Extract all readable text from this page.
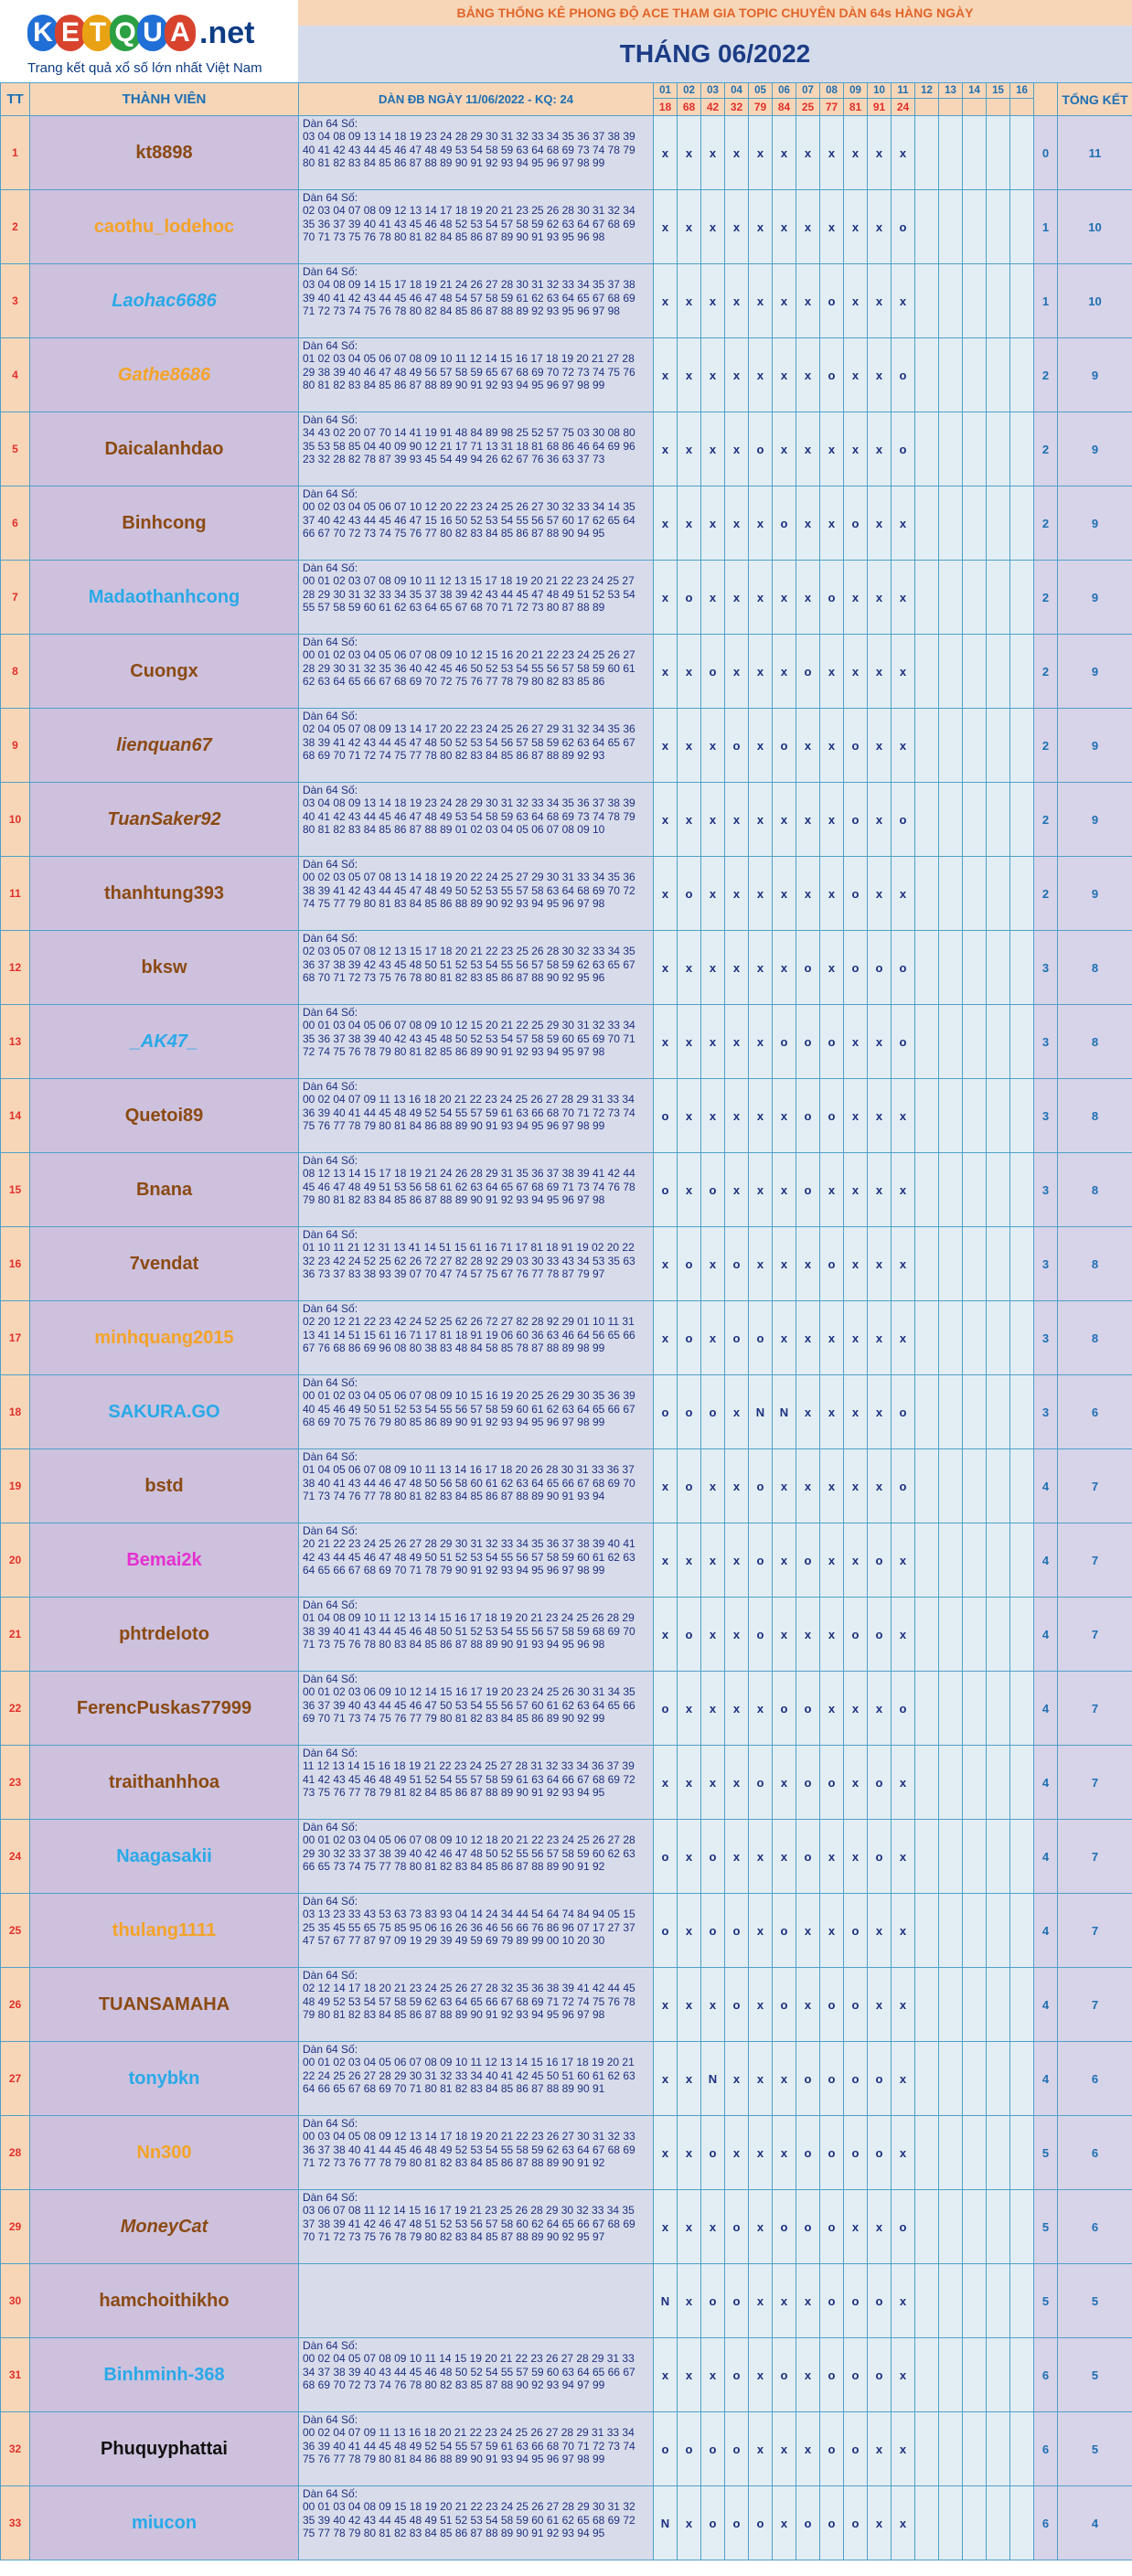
K E T Q U A .net
Trang kết quả xổ số lớn nhất Việt Nam
BẢNG THỐNG KÊ PHONG ĐỘ ACE THAM GIA TOPIC CHUYÊN DÀN 64s HÀNG NGÀY
THÁNG 06/2022
TT	THÀNH VIÊN	DÀN ĐB NGÀY 11/06/2022 - KQ: 24	01	02	03	04	05	06	07	08	09	10	11	12	13	14	15	16		TỔNG KẾT
			18	68	42	32	79	84	25	77	81	91	24							
1	kt8898	Dàn 64 Số:
03 04 08 09 13 14 18 19 23 24 28 29 30 31 32 33 34 35 36 37 38 39 40 41 42 43 44 45 46 47 48 49 53 54 58 59 63 64 68 69 73 74 78 79 80 81 82 83 84 85 86 87 88 89 90 91 92 93 94 95 96 97 98 99	x	x	x	x	x	x	x	x	x	x	x						0	11
2	caothu_lodehoc	Dàn 64 Số:
02 03 04 07 08 09 12 13 14 17 18 19 20 21 23 25 26 28 30 31 32 34 35 36 37 39 40 41 43 45 46 48 52 53 54 57 58 59 62 63 64 67 68 69 70 71 73 75 76 78 80 81 82 84 85 86 87 89 90 91 93 95 96 98	x	x	x	x	x	x	x	x	x	x	o						1	10
3	Laohac6686	Dàn 64 Số:
03 04 08 09 14 15 17 18 19 21 24 26 27 28 30 31 32 33 34 35 37 38 39 40 41 42 43 44 45 46 47 48 54 57 58 59 61 62 63 64 65 67 68 69 71 72 73 74 75 76 78 80 82 84 85 86 87 88 89 92 93 95 96 97 98	x	x	x	x	x	x	x	o	x	x	x						1	10
4	Gathe8686	Dàn 64 Số:
01 02 03 04 05 06 07 08 09 10 11 12 14 15 16 17 18 19 20 21 27 28 29 38 39 40 46 47 48 49 56 57 58 59 65 67 68 69 70 72 73 74 75 76 80 81 82 83 84 85 86 87 88 89 90 91 92 93 94 95 96 97 98 99	x	x	x	x	x	x	x	o	x	x	o						2	9
5	Daicalanhdao	Dàn 64 Số:
34 43 02 20 07 70 14 41 19 91 48 84 89 98 25 52 57 75 03 30 08 80 35 53 58 85 04 40 09 90 12 21 17 71 13 31 18 81 68 86 46 64 69 96 23 32 28 82 78 87 39 93 45 54 49 94 26 62 67 76 36 63 37 73	x	x	x	x	o	x	x	x	x	x	o						2	9
6	Binhcong	Dàn 64 Số:
00 02 03 04 05 06 07 10 12 20 22 23 24 25 26 27 30 32 33 34 14 35 37 40 42 43 44 45 46 47 15 16 50 52 53 54 55 56 57 60 17 62 65 64 66 67 70 72 73 74 75 76 77 80 82 83 84 85 86 87 88 90 94 95	x	x	x	x	x	o	x	x	o	x	x						2	9
7	Madaothanhcong	Dàn 64 Số:
00 01 02 03 07 08 09 10 11 12 13 15 17 18 19 20 21 22 23 24 25 27 28 29 30 31 32 33 34 35 37 38 39 42 43 44 45 47 48 49 51 52 53 54 55 57 58 59 60 61 62 63 64 65 67 68 70 71 72 73 80 87 88 89	x	o	x	x	x	x	x	o	x	x	x						2	9
8	Cuongx	Dàn 64 Số:
00 01 02 03 04 05 06 07 08 09 10 12 15 16 20 21 22 23 24 25 26 27 28 29 30 31 32 35 36 40 42 45 46 50 52 53 54 55 56 57 58 59 60 61 62 63 64 65 66 67 68 69 70 72 75 76 77 78 79 80 82 83 85 86	x	x	o	x	x	x	o	x	x	x	x						2	9
9	lienquan67	Dàn 64 Số:
02 04 05 07 08 09 13 14 17 20 22 23 24 25 26 27 29 31 32 34 35 36 38 39 41 42 43 44 45 47 48 50 52 53 54 56 57 58 59 62 63 64 65 67 68 69 70 71 72 74 75 77 78 80 82 83 84 85 86 87 88 89 92 93	x	x	x	o	x	o	x	x	o	x	x						2	9
10	TuanSaker92	Dàn 64 Số:
03 04 08 09 13 14 18 19 23 24 28 29 30 31 32 33 34 35 36 37 38 39 40 41 42 43 44 45 46 47 48 49 53 54 58 59 63 64 68 69 73 74 78 79 80 81 82 83 84 85 86 87 88 89 01 02 03 04 05 06 07 08 09 10	x	x	x	x	x	x	x	x	o	x	o						2	9
11	thanhtung393	Dàn 64 Số:
00 02 03 05 07 08 13 14 18 19 20 22 24 25 27 29 30 31 33 34 35 36 38 39 41 42 43 44 45 47 48 49 50 52 53 55 57 58 63 64 68 69 70 72 74 75 77 79 80 81 83 84 85 86 88 89 90 92 93 94 95 96 97 98	x	o	x	x	x	x	x	x	o	x	x						2	9
12	bksw	Dàn 64 Số:
02 03 05 07 08 12 13 15 17 18 20 21 22 23 25 26 28 30 32 33 34 35 36 37 38 39 42 43 45 48 50 51 52 53 54 55 56 57 58 59 62 63 65 67 68 70 71 72 73 75 76 78 80 81 82 83 85 86 87 88 90 92 95 96	x	x	x	x	x	x	o	x	o	o	o						3	8
13	_AK47_	Dàn 64 Số:
00 01 03 04 05 06 07 08 09 10 12 15 20 21 22 25 29 30 31 32 33 34 35 36 37 38 39 40 42 43 45 48 50 52 53 54 57 58 59 60 65 69 70 71 72 74 75 76 78 79 80 81 82 85 86 89 90 91 92 93 94 95 97 98	x	x	x	x	x	o	o	o	x	x	o						3	8
14	Quetoi89	Dàn 64 Số:
00 02 04 07 09 11 13 16 18 20 21 22 23 24 25 26 27 28 29 31 33 34 36 39 40 41 44 45 48 49 52 54 55 57 59 61 63 66 68 70 71 72 73 74 75 76 77 78 79 80 81 84 86 88 89 90 91 93 94 95 96 97 98 99	o	x	x	x	x	x	o	o	x	x	x						3	8
15	Bnana	Dàn 64 Số:
08 12 13 14 15 17 18 19 21 24 26 28 29 31 35 36 37 38 39 41 42 44 45 46 47 48 49 51 53 56 58 61 62 63 64 65 67 68 69 71 73 74 76 78 79 80 81 82 83 84 85 86 87 88 89 90 91 92 93 94 95 96 97 98	o	x	o	x	x	x	o	x	x	x	x						3	8
16	7vendat	Dàn 64 Số:
01 10 11 21 12 31 13 41 14 51 15 61 16 71 17 81 18 91 19 02 20 22 32 23 42 24 52 25 62 26 72 27 82 28 92 29 03 30 33 43 34 53 35 63 36 73 37 83 38 93 39 07 70 47 74 57 75 67 76 77 78 87 79 97	x	o	x	o	x	x	x	o	x	x	x						3	8
17	minhquang2015	Dàn 64 Số:
02 20 12 21 22 23 42 24 52 25 62 26 72 27 82 28 92 29 01 10 11 31 13 41 14 51 15 61 16 71 17 81 18 91 19 06 60 36 63 46 64 56 65 66 67 76 68 86 69 96 08 80 38 83 48 84 58 85 78 87 88 89 98 99	x	o	x	o	o	x	x	x	x	x	x						3	8
18	SAKURA.GO	Dàn 64 Số:
00 01 02 03 04 05 06 07 08 09 10 15 16 19 20 25 26 29 30 35 36 39 40 45 46 49 50 51 52 53 54 55 56 57 58 59 60 61 62 63 64 65 66 67 68 69 70 75 76 79 80 85 86 89 90 91 92 93 94 95 96 97 98 99	o	o	o	x	N	N	x	x	x	x	o						3	6
19	bstd	Dàn 64 Số:
01 04 05 06 07 08 09 10 11 13 14 16 17 18 20 26 28 30 31 33 36 37 38 40 41 43 44 46 47 48 50 56 58 60 61 62 63 64 65 66 67 68 69 70 71 73 74 76 77 78 80 81 82 83 84 85 86 87 88 89 90 91 93 94	x	o	x	x	o	x	x	x	x	x	o						4	7
20	Bemai2k	Dàn 64 Số:
20 21 22 23 24 25 26 27 28 29 30 31 32 33 34 35 36 37 38 39 40 41 42 43 44 45 46 47 48 49 50 51 52 53 54 55 56 57 58 59 60 61 62 63 64 65 66 67 68 69 70 71 78 79 90 91 92 93 94 95 96 97 98 99	x	x	x	x	o	x	o	x	x	o	x						4	7
21	phtrdeloto	Dàn 64 Số:
01 04 08 09 10 11 12 13 14 15 16 17 18 19 20 21 23 24 25 26 28 29 38 39 40 41 43 44 45 46 48 50 51 52 53 54 55 56 57 58 59 68 69 70 71 73 75 76 78 80 83 84 85 86 87 88 89 90 91 93 94 95 96 98	x	o	x	x	o	x	x	x	o	o	x						4	7
22	FerencPuskas77999	Dàn 64 Số:
00 01 02 03 06 09 10 12 14 15 16 17 19 20 23 24 25 26 30 31 34 35 36 37 39 40 43 44 45 46 47 50 53 54 55 56 57 60 61 62 63 64 65 66 69 70 71 73 74 75 76 77 79 80 81 82 83 84 85 86 89 90 92 99	o	x	x	x	x	o	o	x	x	x	o						4	7
23	traithanhhoa	Dàn 64 Số:
11 12 13 14 15 16 18 19 21 22 23 24 25 27 28 31 32 33 34 36 37 39 41 42 43 45 46 48 49 51 52 54 55 57 58 59 61 63 64 66 67 68 69 72 73 75 76 77 78 79 81 82 84 85 86 87 88 89 90 91 92 93 94 95	x	x	x	x	o	x	o	o	x	o	x						4	7
24	Naagasakii	Dàn 64 Số:
00 01 02 03 04 05 06 07 08 09 10 12 18 20 21 22 23 24 25 26 27 28 29 30 32 33 37 38 39 40 42 46 47 48 50 52 55 56 57 58 59 60 62 63 66 65 73 74 75 77 78 80 81 82 83 84 85 86 87 88 89 90 91 92	o	x	o	x	x	x	o	x	x	o	x						4	7
25	thulang1111	Dàn 64 Số:
03 13 23 33 43 53 63 73 83 93 04 14 24 34 44 54 64 74 84 94 05 15 25 35 45 55 65 75 85 95 06 16 26 36 46 56 66 76 86 96 07 17 27 37 47 57 67 77 87 97 09 19 29 39 49 59 69 79 89 99 00 10 20 30	o	x	o	o	x	o	x	x	o	x	x						4	7
26	TUANSAMAHA	Dàn 64 Số:
02 12 14 17 18 20 21 23 24 25 26 27 28 32 35 36 38 39 41 42 44 45 48 49 52 53 54 57 58 59 62 63 64 65 66 67 68 69 71 72 74 75 76 78 79 80 81 82 83 84 85 86 87 88 89 90 91 92 93 94 95 96 97 98	x	x	x	o	x	o	x	o	o	x	x						4	7
27	tonybkn	Dàn 64 Số:
00 01 02 03 04 05 06 07 08 09 10 11 12 13 14 15 16 17 18 19 20 21 22 24 25 26 27 28 29 30 31 32 33 34 40 41 42 45 50 51 60 61 62 63 64 66 65 67 68 69 70 71 80 81 82 83 84 85 86 87 88 89 90 91	x	x	N	x	x	x	o	o	o	o	x						4	6
28	Nn300	Dàn 64 Số:
00 03 04 05 08 09 12 13 14 17 18 19 20 21 22 23 26 27 30 31 32 33 36 37 38 40 41 44 45 46 48 49 52 53 54 55 58 59 62 63 64 67 68 69 71 72 73 76 77 78 79 80 81 82 83 84 85 86 87 88 89 90 91 92	x	x	o	x	x	x	o	o	o	o	x						5	6
29	MoneyCat	Dàn 64 Số:
03 06 07 08 11 12 14 15 16 17 19 21 23 25 26 28 29 30 32 33 34 35 37 38 39 41 42 46 47 48 51 52 53 56 57 58 60 62 64 65 66 67 68 69 70 71 72 73 75 76 78 79 80 82 83 84 85 87 88 89 90 92 95 97	x	x	x	o	x	o	o	o	x	x	o						5	6
30	hamchoithikho		N	x	o	o	x	x	x	o	o	o	x						5	5
31	Binhminh-368	Dàn 64 Số:
00 02 04 05 07 08 09 10 11 14 15 19 20 21 22 23 26 27 28 29 31 33 34 37 38 39 40 43 44 45 46 48 50 52 54 55 57 59 60 63 64 65 66 67 68 69 70 72 73 74 76 78 80 82 83 85 87 88 90 92 93 94 97 99	x	x	x	o	x	o	x	o	o	o	x						6	5
32	Phuquyphattai	Dàn 64 Số:
00 02 04 07 09 11 13 16 18 20 21 22 23 24 25 26 27 28 29 31 33 34 36 39 40 41 44 45 48 49 52 54 55 57 59 61 63 66 68 70 71 72 73 74 75 76 77 78 79 80 81 84 86 88 89 90 91 93 94 95 96 97 98 99	o	o	o	o	x	x	x	o	o	x	x						6	5
33	miucon	Dàn 64 Số:
00 01 03 04 08 09 15 18 19 20 21 22 23 24 25 26 27 28 29 30 31 32 35 39 40 42 43 44 45 48 49 51 52 53 54 58 59 60 61 62 65 68 69 72 75 77 78 79 80 81 82 83 84 85 86 87 88 89 90 91 92 93 94 95	N	x	o	o	o	x	o	o	o	x	x						6	4
